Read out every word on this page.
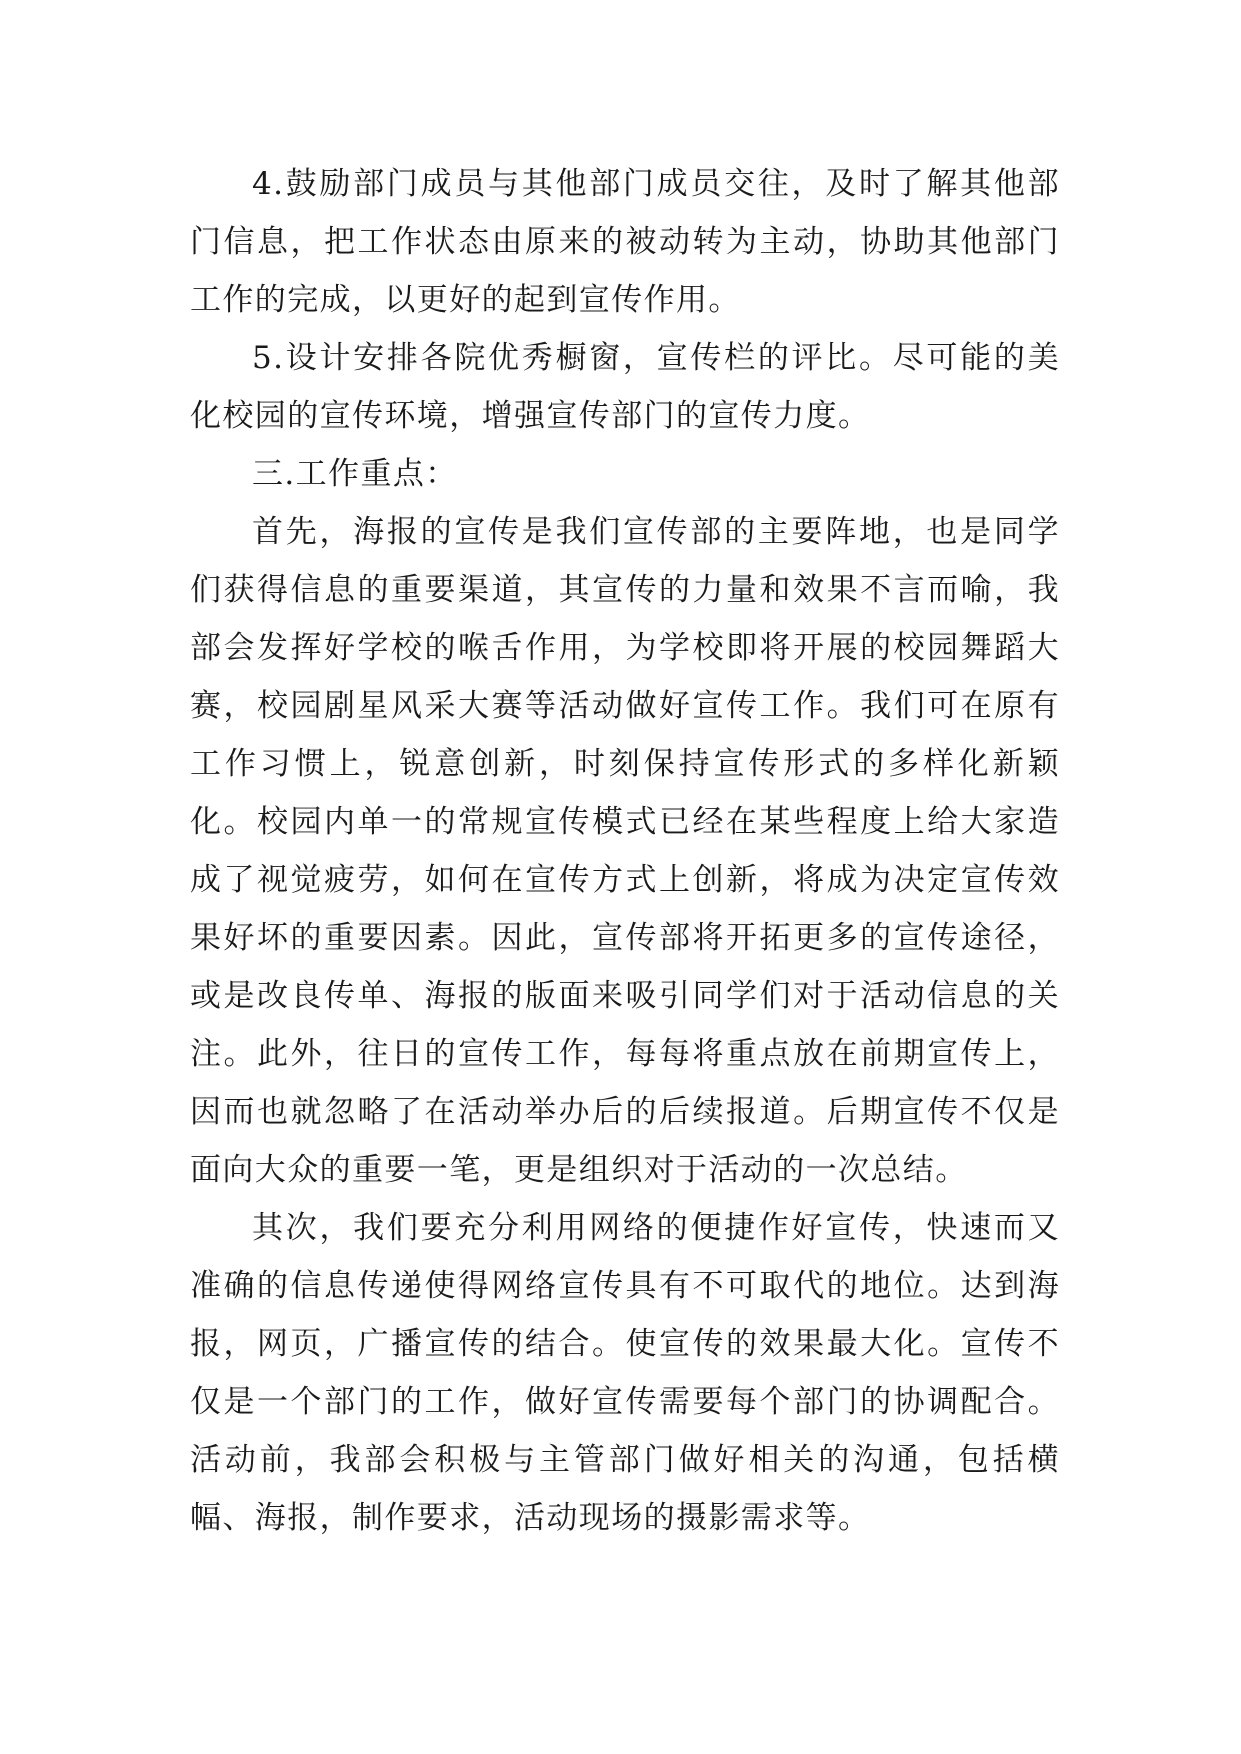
4.鼓励部门成员与其他部门成员交往，及时了解其他部门信息，把工作状态由原来的被动转为主动，协助其他部门工作的完成，以更好的起到宣传作用。

5.设计安排各院优秀橱窗，宣传栏的评比。尽可能的美化校园的宣传环境，增强宣传部门的宣传力度。

三.工作重点：

首先，海报的宣传是我们宣传部的主要阵地，也是同学们获得信息的重要渠道，其宣传的力量和效果不言而喻，我部会发挥好学校的喉舌作用，为学校即将开展的校园舞蹈大赛，校园剧星风采大赛等活动做好宣传工作。我们可在原有工作习惯上，锐意创新，时刻保持宣传形式的多样化新颖化。校园内单一的常规宣传模式已经在某些程度上给大家造成了视觉疲劳，如何在宣传方式上创新，将成为决定宣传效果好坏的重要因素。因此，宣传部将开拓更多的宣传途径，或是改良传单、海报的版面来吸引同学们对于活动信息的关注。此外，往日的宣传工作，每每将重点放在前期宣传上，因而也就忽略了在活动举办后的后续报道。后期宣传不仅是面向大众的重要一笔，更是组织对于活动的一次总结。

其次，我们要充分利用网络的便捷作好宣传，快速而又准确的信息传递使得网络宣传具有不可取代的地位。达到海报，网页，广播宣传的结合。使宣传的效果最大化。宣传不仅是一个部门的工作，做好宣传需要每个部门的协调配合。活动前，我部会积极与主管部门做好相关的沟通，包括横幅、海报，制作要求，活动现场的摄影需求等。
